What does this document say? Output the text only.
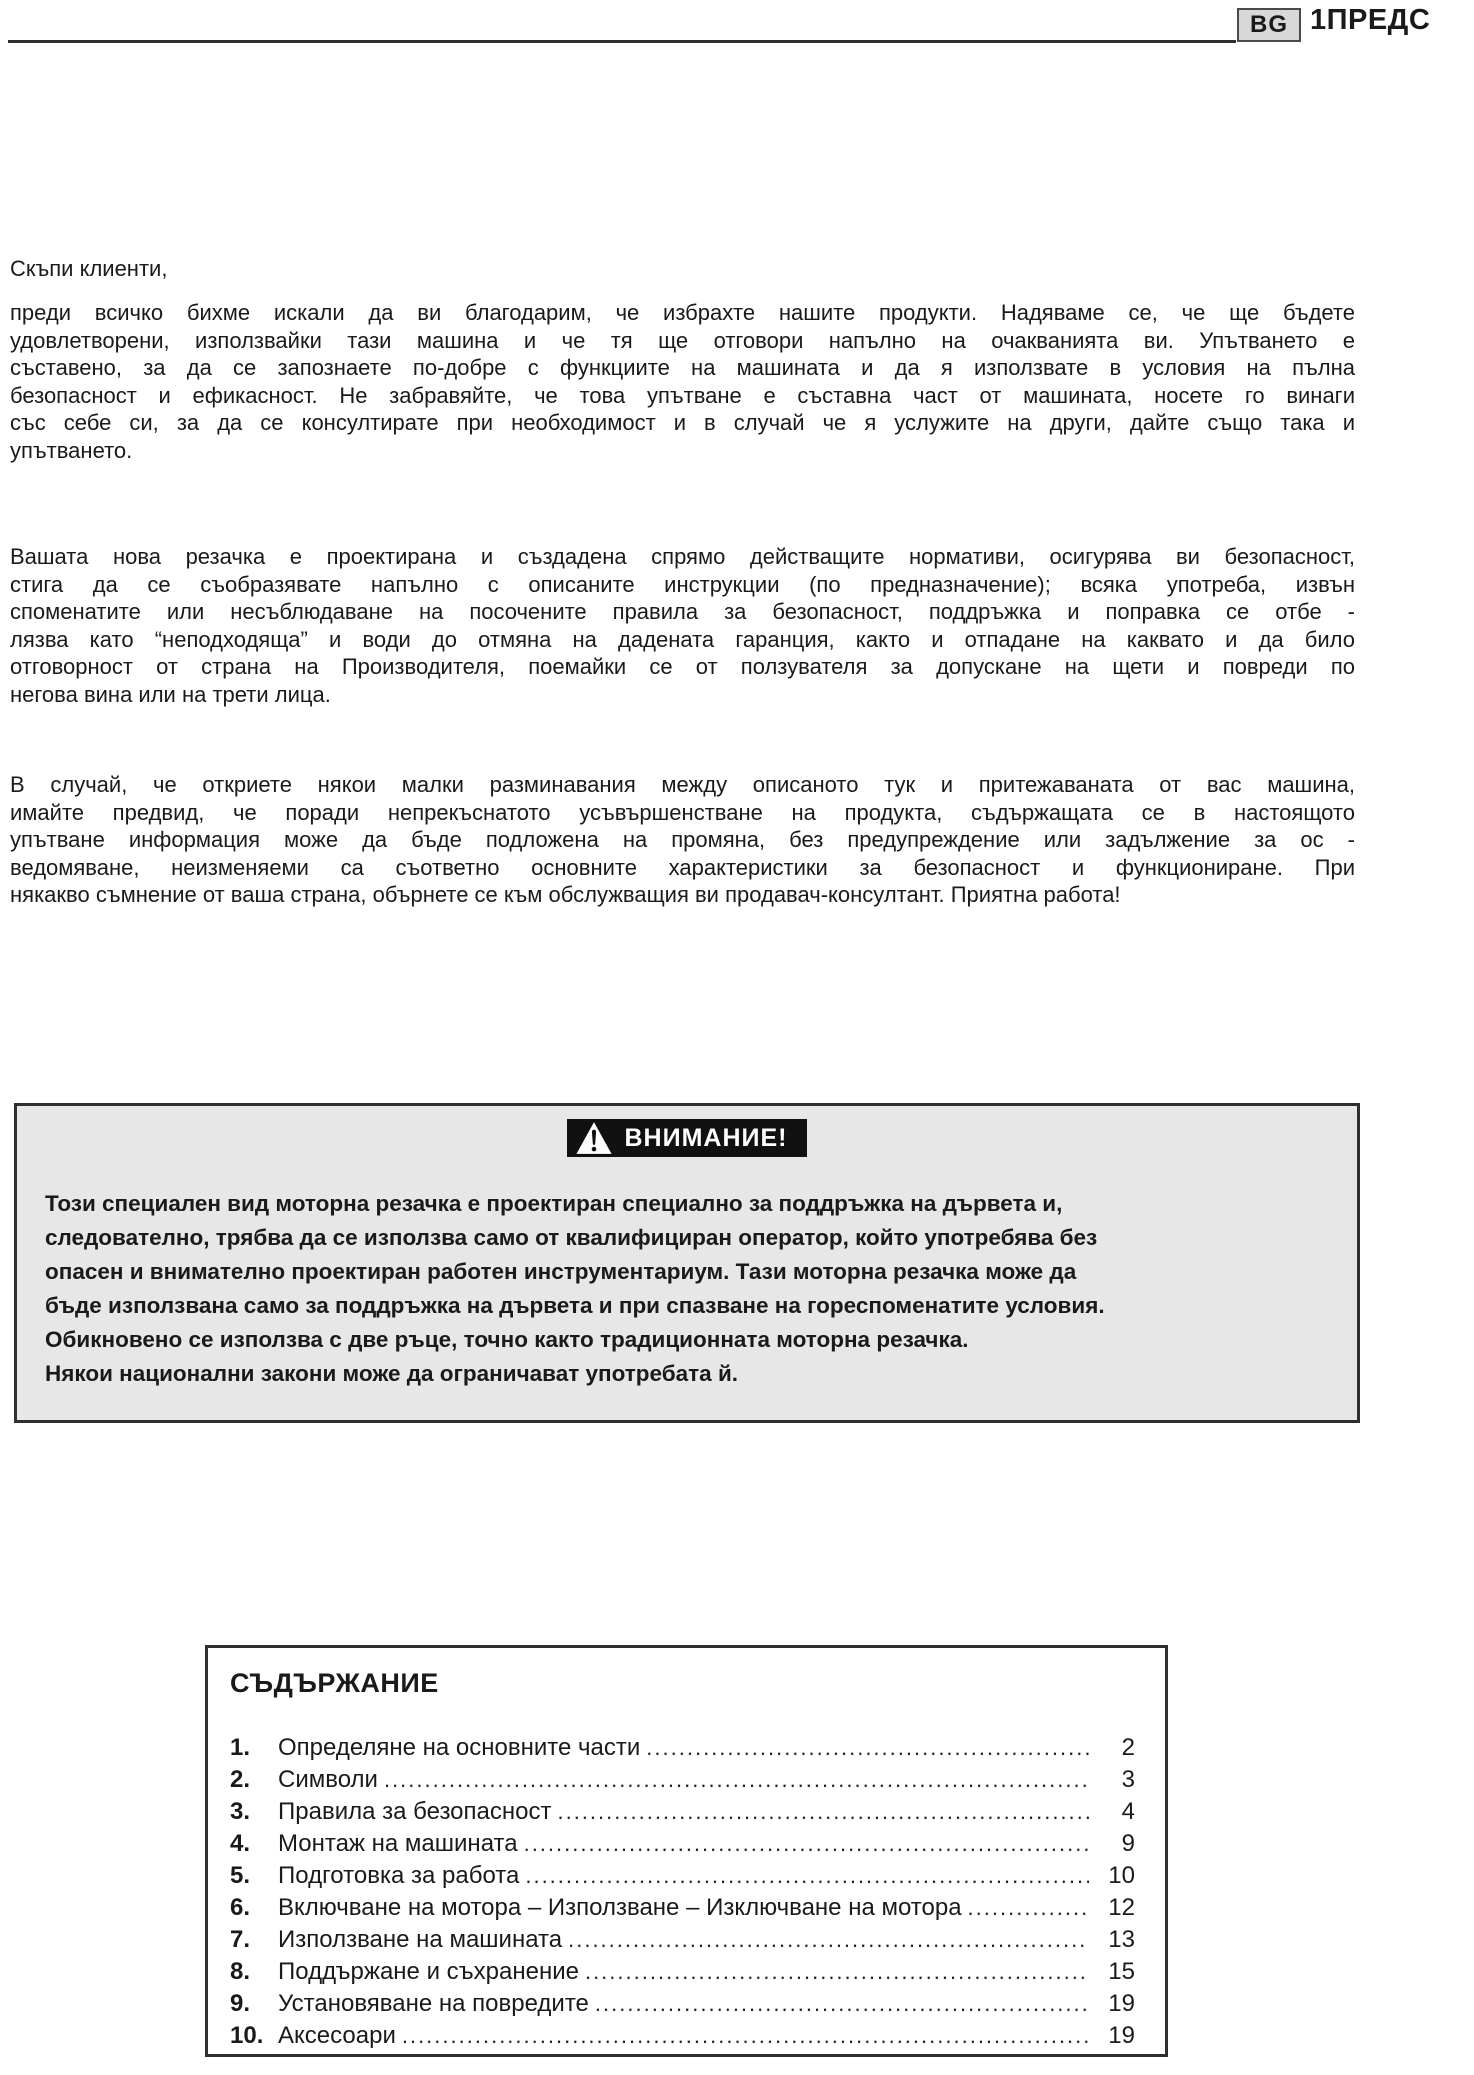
BG 1ПРЕДС

Скъпи клиенти,

преди всичко бихме искали да ви благодарим, че избрахте нашите продукти. Надяваме се, че ще бъдете
удовлетворени, използвайки тази машина и че тя ще отговори напълно на очакванията ви. Упътването е
съставено, за да се запознаете по-добре с функциите на машината и да я използвате в условия на пълна
безопасност и ефикасност. Не забравяйте, че това упътване е съставна част от машината, носете го винаги
със себе си, за да се консултирате при необходимост и в случай че я услужите на други, дайте също така и
упътването.
Вашата нова резачка е проектирана и създадена спрямо действащите нормативи, осигурява ви безопасност,
стига да се съобразявате напълно с описаните инструкции (по предназначение); всяка употреба, извън
споменатите или несъблюдаване на посочените правила за безопасност, поддръжка и поправка се отбе -
лязва като “неподходяща” и води до отмяна на дадената гаранция, както и отпадане на каквато и да било
отговорност от страна на Производителя, поемайки се от ползувателя за допускане на щети и повреди по
негова вина или на трети лица.
В случай, че откриете някои малки разминавания между описаното тук и притежаваната от вас машина,
имайте предвид, че поради непрекъснатото усъвършенстване на продукта, съдържащата се в настоящото
упътване информация може да бъде подложена на промяна, без предупреждение или задължение за ос -
ведомяване, неизменяеми са съответно основните характеристики за безопасност и функциониране. При
някакво съмнение от ваша страна, обърнете се към обслужващия ви продавач-консултант. Приятна работа!
ВНИМАНИЕ!
Този специален вид моторна резачка е проектиран специално за поддръжка на дървета и,
следователно, трябва да се използва само от квалифициран оператор, който употребява без
опасен и внимателно проектиран работен инструментариум. Тази моторна резачка може да
бъде използвана само за поддръжка на дървета и при спазване на гореспоменатите условия.
Обикновено се използва с две ръце, точно както традиционната моторна резачка.
Някои национални закони може да ограничават употребата й.
СЪДЪРЖАНИЕ
1.	Определяне на основните части .....	2
2.	Символи .....	3
3.	Правила за безопасност .....	4
4.	Монтаж на машината .....	9
5.	Подготовка за работа .....	10
6.	Включване на мотора – Използване – Изключване на мотора .....	12
7.	Използване на машината .....	13
8.	Поддържане и съхранение .....	15
9.	Установяване на повредите .....	19
10. Аксесоари .....	19
